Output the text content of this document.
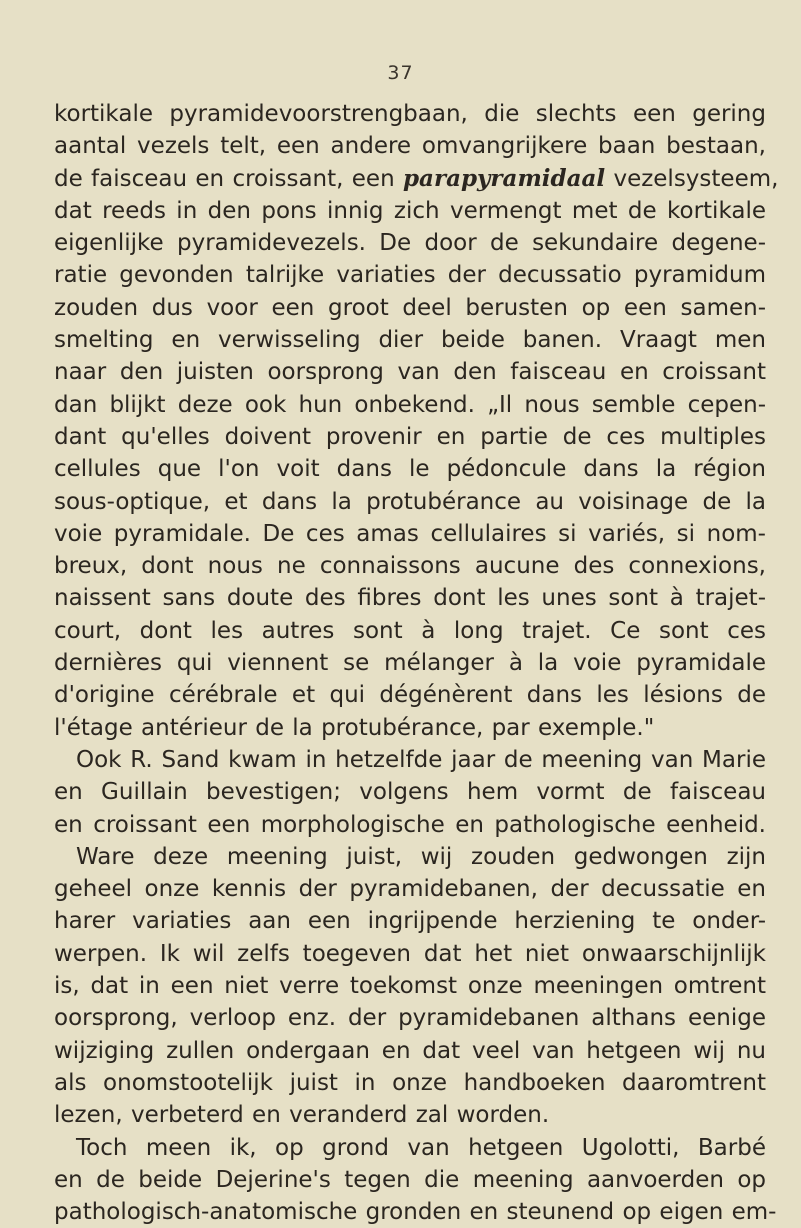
37
kortikale pyramidevoorstrengbaan, die slechts een gering
aantal vezels telt, een andere omvangrijkere baan bestaan,
de faisceau en croissant, een parapyramidaal vezelsysteem,
dat reeds in den pons innig zich vermengt met de kortikale
eigenlijke pyramidevezels. De door de sekundaire degene-
ratie gevonden talrijke variaties der decussatio pyramidum
zouden dus voor een groot deel berusten op een samen-
smelting en verwisseling dier beide banen. Vraagt men
naar den juisten oorsprong van den faisceau en croissant
dan blijkt deze ook hun onbekend. „Il nous semble cepen-
dant qu'elles doivent provenir en partie de ces multiples
cellules que l'on voit dans le pédoncule dans la région
sous-optique, et dans la protubérance au voisinage de la
voie pyramidale. De ces amas cellulaires si variés, si nom-
breux, dont nous ne connaissons aucune des connexions,
naissent sans doute des fibres dont les unes sont à trajet-
court, dont les autres sont à long trajet. Ce sont ces
dernières qui viennent se mélanger à la voie pyramidale
d'origine cérébrale et qui dégénèrent dans les lésions de
l'étage antérieur de la protubérance, par exemple."
Ook R. Sand kwam in hetzelfde jaar de meening van Marie
en Guillain bevestigen; volgens hem vormt de faisceau
en croissant een morphologische en pathologische eenheid.
Ware deze meening juist, wij zouden gedwongen zijn
geheel onze kennis der pyramidebanen, der decussatie en
harer variaties aan een ingrijpende herziening te onder-
werpen. Ik wil zelfs toegeven dat het niet onwaarschijnlijk
is, dat in een niet verre toekomst onze meeningen omtrent
oorsprong, verloop enz. der pyramidebanen althans eenige
wijziging zullen ondergaan en dat veel van hetgeen wij nu
als onomstootelijk juist in onze handboeken daaromtrent
lezen, verbeterd en veranderd zal worden.
Toch meen ik, op grond van hetgeen Ugolotti, Barbé
en de beide Dejerine's tegen die meening aanvoerden op
pathologisch-anatomische gronden en steunend op eigen em-
